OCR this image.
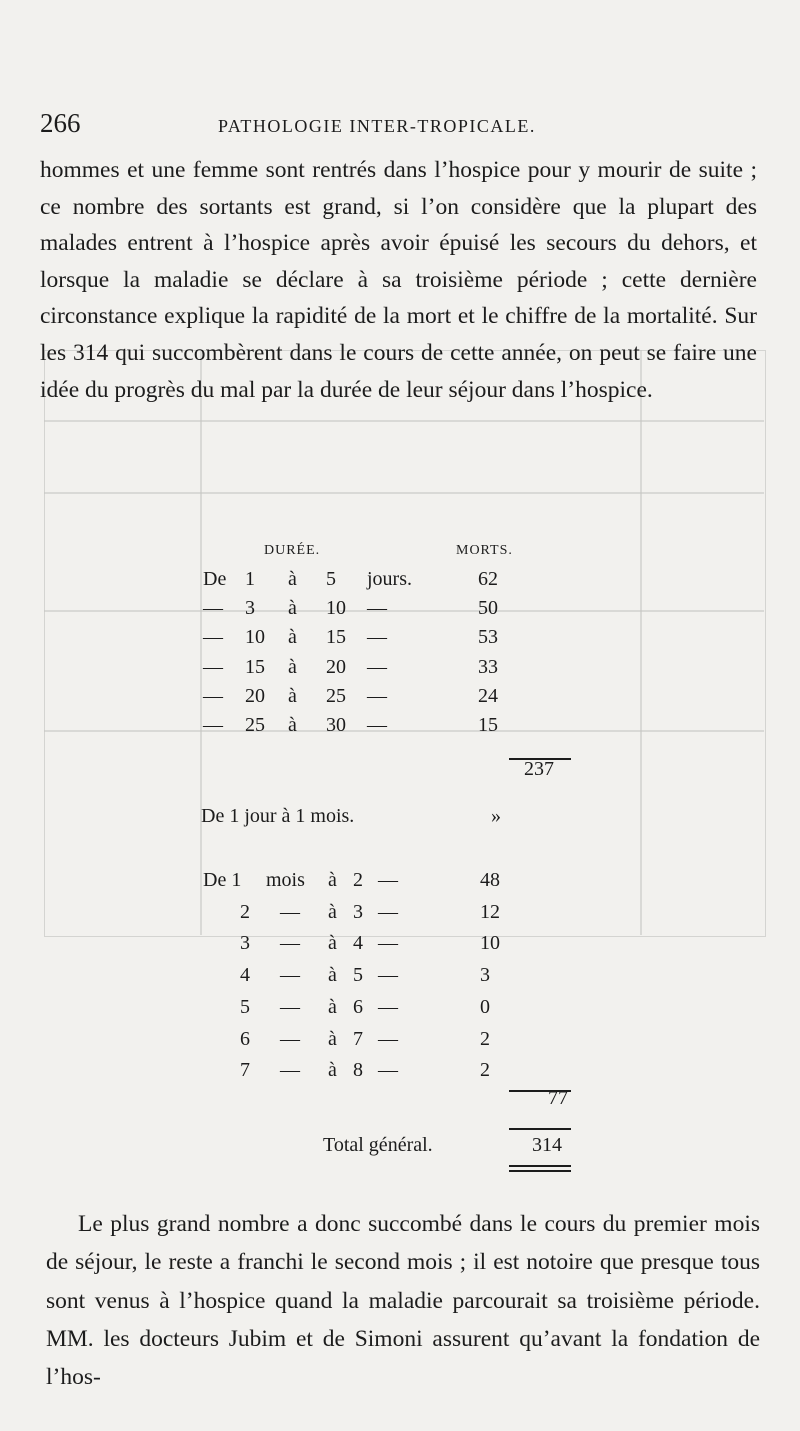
266	PATHOLOGIE INTER-TROPICALE.

hommes et une femme sont rentrés dans l’hospice pour y mourir de suite ; ce nombre des sortants est grand, si l’on considère que la plupart des malades entrent à l’hospice après avoir épuisé les secours du dehors, et lorsque la maladie se déclare à sa troisième période ; cette dernière circonstance explique la rapidité de la mort et le chiffre de la mortalité. Sur les 314 qui succombèrent dans le cours de cette année, on peut se faire une idée du progrès du mal par la durée de leur séjour dans l’hospice.

DURÉE.	MORTS.
De 1 à 5 jours.	62
— 3 à 10 —	50
— 10 à 15 —	53
— 15 à 20 —	33
— 20 à 25 —	24
— 25 à 30 —	15
237
De 1 jour à 1 mois.	»
De 1 mois à 2 —	48
2 — à 3 —	12
3 — à 4 —	10
4 — à 5 —	3
5 — à 6 —	0
6 — à 7 —	2
7 — à 8 —	2
77
Total général.	314

Le plus grand nombre a donc succombé dans le cours du premier mois de séjour, le reste a franchi le second mois ; il est notoire que presque tous sont venus à l’hospice quand la maladie parcourait sa troisième période. MM. les docteurs Jubim et de Simoni assurent qu’avant la fondation de l’hos-
